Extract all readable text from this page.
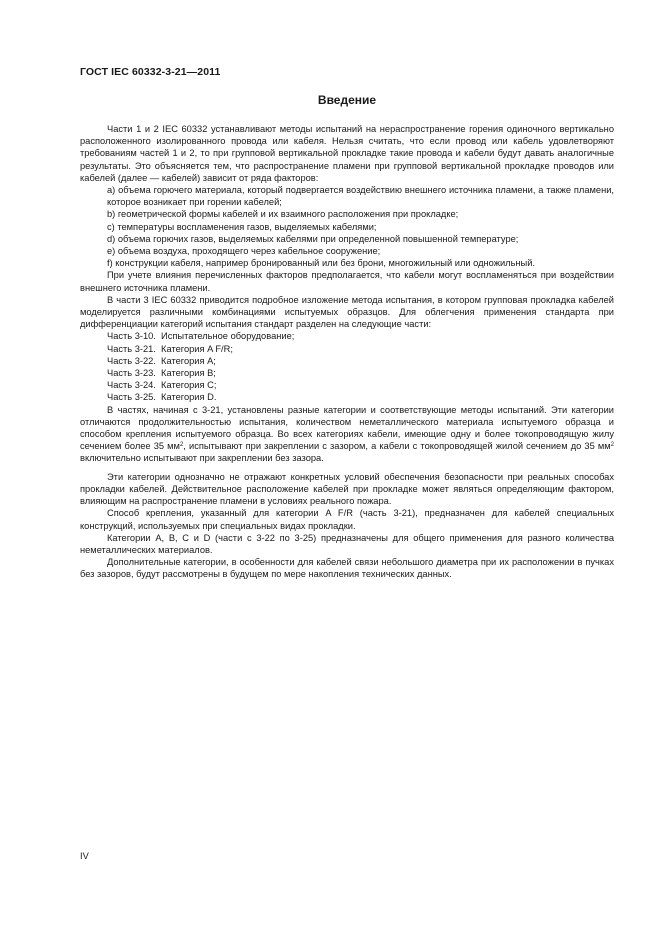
ГОСТ IEC 60332-3-21—2011
Введение

Части 1 и 2 IEC 60332 устанавливают методы испытаний на нераспространение горения одиночного вертикально расположенного изолированного провода или кабеля. Нельзя считать, что если провод или кабель удовлетворяют требованиям частей 1 и 2, то при групповой вертикальной прокладке такие провода и кабели будут давать аналогичные результаты. Это объясняется тем, что распространение пламени при групповой вертикальной прокладке проводов или кабелей (далее — кабелей) зависит от ряда факторов:

a) объема горючего материала, который подвергается воздействию внешнего источника пламени, а также пламени, которое возникает при горении кабелей;

b) геометрической формы кабелей и их взаимного расположения при прокладке;

c) температуры воспламенения газов, выделяемых кабелями;

d) объема горючих газов, выделяемых кабелями при определенной повышенной температуре;

e) объема воздуха, проходящего через кабельное сооружение;

f) конструкции кабеля, например бронированный или без брони, многожильный или одножильный.

При учете влияния перечисленных факторов предполагается, что кабели могут воспламеняться при воздействии внешнего источника пламени.

В части 3 IEC 60332 приводится подробное изложение метода испытания, в котором групповая прокладка кабелей моделируется различными комбинациями испытуемых образцов. Для облегчения применения стандарта при дифференциации категорий испытания стандарт разделен на следующие части:

Часть 3-10.  Испытательное оборудование;

Часть 3-21.  Категория A F/R;

Часть 3-22.  Категория A;

Часть 3-23.  Категория B;

Часть 3-24.  Категория C;

Часть 3-25.  Категория D.

В частях, начиная с 3-21, установлены разные категории и соответствующие методы испытаний. Эти категории отличаются продолжительностью испытания, количеством неметаллического материала испытуемого образца и способом крепления испытуемого образца. Во всех категориях кабели, имеющие одну и более токопроводящую жилу сечением более 35 $мм^2$, испытывают при закреплении с зазором, а кабели с токопроводящей жилой сечением до 35 $мм^2$ включительно испытывают при закреплении без зазора.

Эти категории однозначно не отражают конкретных условий обеспечения безопасности при реальных способах прокладки кабелей. Действительное расположение кабелей при прокладке может являться определяющим фактором, влияющим на распространение пламени в условиях реального пожара.

Способ крепления, указанный для категории A F/R (часть 3-21), предназначен для кабелей специальных конструкций, используемых при специальных видах прокладки.

Категории A, B, C и D (части с 3-22 по 3-25) предназначены для общего применения для разного количества неметаллических материалов.

Дополнительные категории, в особенности для кабелей связи небольшого диаметра при их расположении в пучках без зазоров, будут рассмотрены в будущем по мере накопления технических данных.

IV
